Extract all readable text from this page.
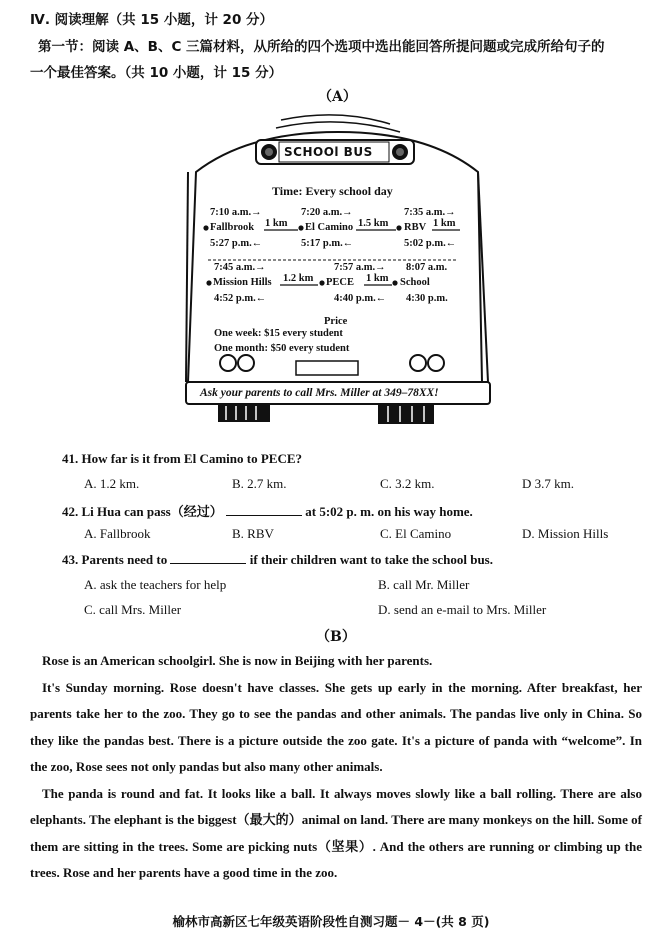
Ⅳ. 阅读理解（共 15 小题，计 20 分）
第一节：阅读 A、B、C 三篇材料，从所给的四个选项中选出能回答所提问题或完成所给句子的
一个最佳答案。（共 10 小题，计 15 分）
（A）
SCHOOl BUS
Time: Every school day
7:10 a.m.→	7:20 a.m.→	7:35 a.m.→
Fallbrook 1 km El Camino 1.5 km RBV 1 km
5:27 p.m.←	5:17 p.m.←	5:02 p.m.←
7:45 a.m.→	7:57 a.m.→ 8:07 a.m.
Mission Hills 1.2 km PECE 1 km School
4:52 p.m.←	4:40 p.m.← 4:30 p.m.
Price
One week: $15 every student
One month: $50 every student
Ask your parents to call Mrs. Miller at 349–78XX!
41. How far is it from El Camino to PECE?
A. 1.2 km.	B. 2.7 km.	C. 3.2 km.	D 3.7 km.
42. Li Hua can pass（经过）	at 5:02 p. m. on his way home.
A. Fallbrook	B. RBV	C. El Camino	D. Mission Hills
43. Parents need to	if their children want to take the school bus.
A. ask the teachers for help	B. call Mr. Miller
C. call Mrs. Miller	D. send an e-mail to Mrs. Miller
（B）

Rose is an American schoolgirl. She is now in Beijing with her parents.

It's Sunday morning. Rose doesn't have classes. She gets up early in the morning. After breakfast, her parents take her to the zoo. They go to see the pandas and other animals. The pandas live only in China. So they like the pandas best. There is a picture outside the zoo gate. It's a picture of panda with “welcome”. In the zoo, Rose sees not only pandas but also many other animals.

The panda is round and fat. It looks like a ball. It always moves slowly like a ball rolling. There are also elephants. The elephant is the biggest（最大的）animal on land. There are many monkeys on the hill. Some of them are sitting in the trees. Some are picking nuts（坚果）. And the others are running or climbing up the trees. Rose and her parents have a good time in the zoo.

榆林市高新区七年级英语阶段性自测习题－ 4－(共 8 页)
